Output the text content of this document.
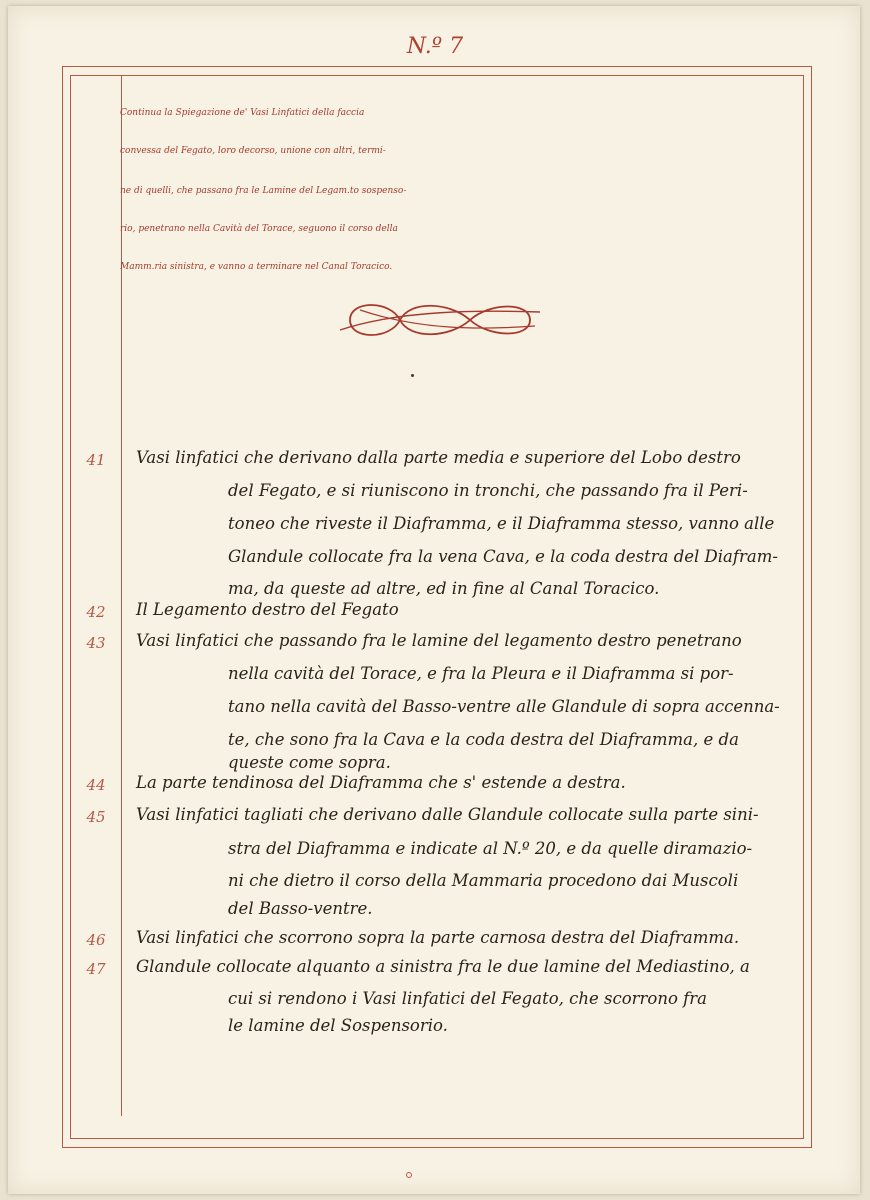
N.º 7
Continua la Spiegazione de' Vasi Linfatici della faccia
convessa del Fegato, loro decorso, unione con altri, termi-
ne di quelli, che passano fra le Lamine del Legam.to sospenso-
rio, penetrano nella Cavità del Torace, seguono il corso della
Mamm.ria sinistra, e vanno a terminare nel Canal Toracico.
41	Vasi linfatici che derivano dalla parte media e superiore del Lobo destro
del Fegato, e si riuniscono in tronchi, che passando fra il Peri-
toneo che riveste il Diaframma, e il Diaframma stesso, vanno alle
Glandule collocate fra la vena Cava, e la coda destra del Diafram-
ma, da queste ad altre, ed in fine al Canal Toracico.
42	Il Legamento destro del Fegato
43	Vasi linfatici che passando fra le lamine del legamento destro penetrano
nella cavità del Torace, e fra la Pleura e il Diaframma si por-
tano nella cavità del Basso-ventre alle Glandule di sopra accenna-
te, che sono fra la Cava e la coda destra del Diaframma, e da
queste come sopra.
44	La parte tendinosa del Diaframma che s' estende a destra.
45	Vasi linfatici tagliati che derivano dalle Glandule collocate sulla parte sini-
stra del Diaframma e indicate al N.º 20, e da quelle diramazio-
ni che dietro il corso della Mammaria procedono dai Muscoli
del Basso-ventre.
46	Vasi linfatici che scorrono sopra la parte carnosa destra del Diaframma.
47	Glandule collocate alquanto a sinistra fra le due lamine del Mediastino, a
cui si rendono i Vasi linfatici del Fegato, che scorrono fra
le lamine del Sospensorio.
